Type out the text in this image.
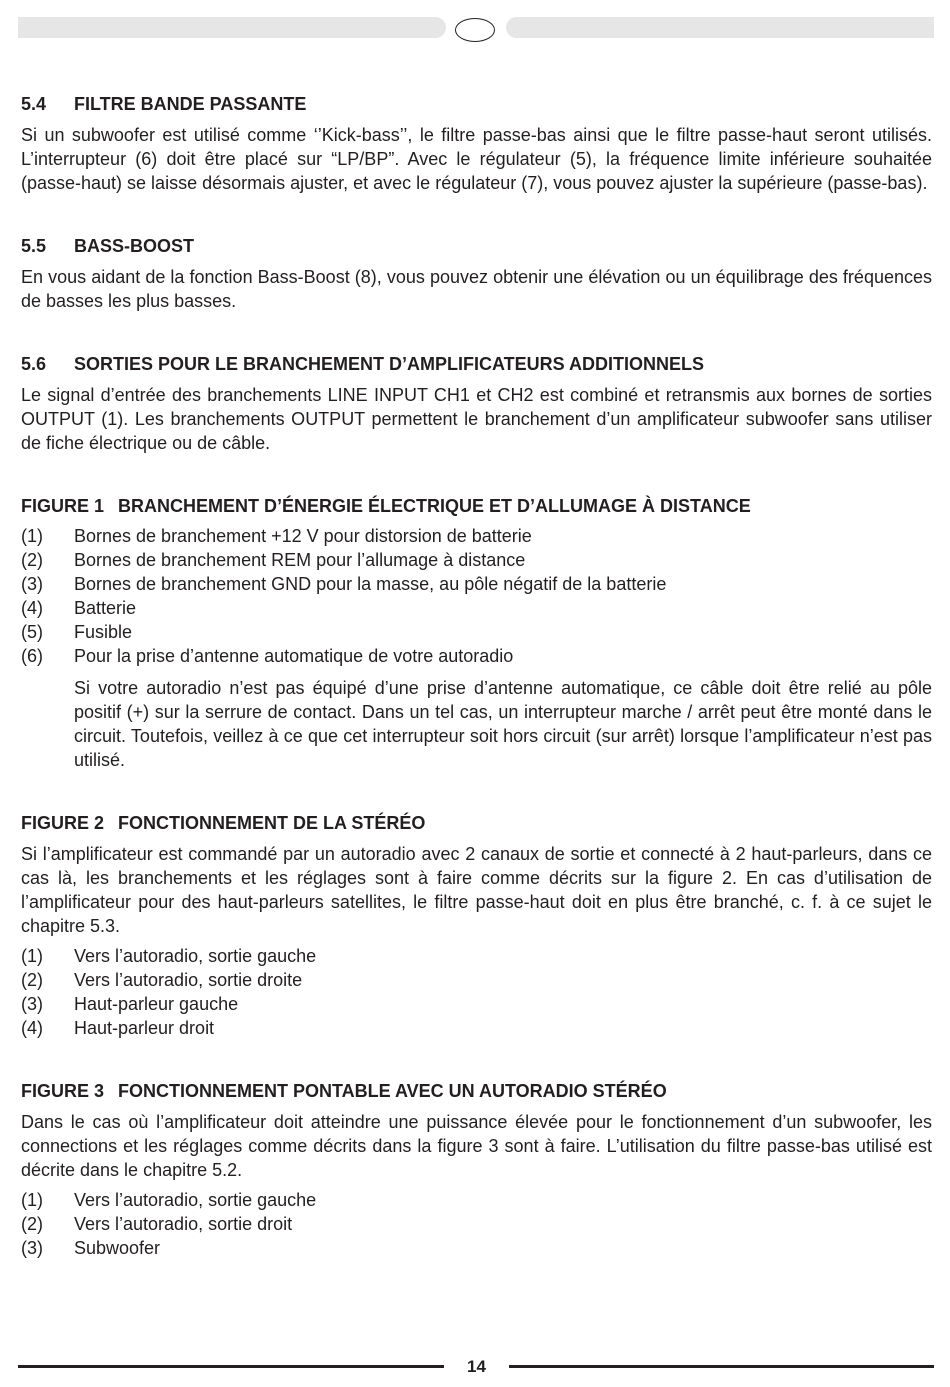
5.4	FILTRE BANDE PASSANTE

Si un subwoofer est utilisé comme ‘’Kick-bass’’, le filtre passe-bas ainsi que le filtre passe-haut seront utilisés. L’interrupteur (6) doit être placé sur “LP/BP”. Avec le régulateur (5), la fréquence limite inférieure souhaitée (passe-haut) se laisse désormais ajuster, et avec le régulateur (7), vous pouvez ajuster la supérieure (passe-bas).

5.5	BASS-BOOST

En vous aidant de la fonction Bass-Boost (8), vous pouvez obtenir une élévation ou un équilibrage des fréquences de basses les plus basses.

5.6	SORTIES POUR LE BRANCHEMENT D’AMPLIFICATEURS ADDITIONNELS

Le signal d’entrée des branchements LINE INPUT CH1 et CH2 est combiné et retransmis aux bornes de sorties OUTPUT (1). Les branchements OUTPUT permettent le branchement d’un amplificateur subwoofer sans utiliser de fiche électrique ou de câble.

FIGURE 1 BRANCHEMENT D’ÉNERGIE ÉLECTRIQUE ET D’ALLUMAGE À DISTANCE
(1)	Bornes de branchement +12 V pour distorsion de batterie
(2)	Bornes de branchement REM pour l’allumage à distance
(3)	Bornes de branchement GND pour la masse, au pôle négatif de la batterie
(4)	Batterie
(5)	Fusible
(6)	Pour la prise d’antenne automatique de votre autoradio

Si votre autoradio n’est pas équipé d’une prise d’antenne automatique, ce câble doit être relié au pôle positif (+) sur la serrure de contact. Dans un tel cas, un interrupteur marche / arrêt peut être monté dans le circuit. Toutefois, veillez à ce que cet interrupteur soit hors circuit (sur arrêt) lorsque l’amplificateur n’est pas utilisé.

FIGURE 2 FONCTIONNEMENT DE LA STÉRÉO

Si l’amplificateur est commandé par un autoradio avec 2 canaux de sortie et connecté à 2 haut-parleurs, dans ce cas là, les branchements et les réglages sont à faire comme décrits sur la figure 2. En cas d’utilisation de l’amplificateur pour des haut-parleurs satellites, le filtre passe-haut doit en plus être branché, c. f. à ce sujet le chapitre 5.3.

(1)	Vers l’autoradio, sortie gauche
(2)	Vers l’autoradio, sortie droite
(3)	Haut-parleur gauche
(4)	Haut-parleur droit
FIGURE 3 FONCTIONNEMENT PONTABLE AVEC UN AUTORADIO STÉRÉO

Dans le cas où l’amplificateur doit atteindre une puissance élevée pour le fonctionnement d’un subwoofer, les connections et les réglages comme décrits dans la figure 3 sont à faire. L’utilisation du filtre passe-bas utilisé est décrite dans le chapitre 5.2.

(1)	Vers l’autoradio, sortie gauche
(2)	Vers l’autoradio, sortie droit
(3)	Subwoofer
14
